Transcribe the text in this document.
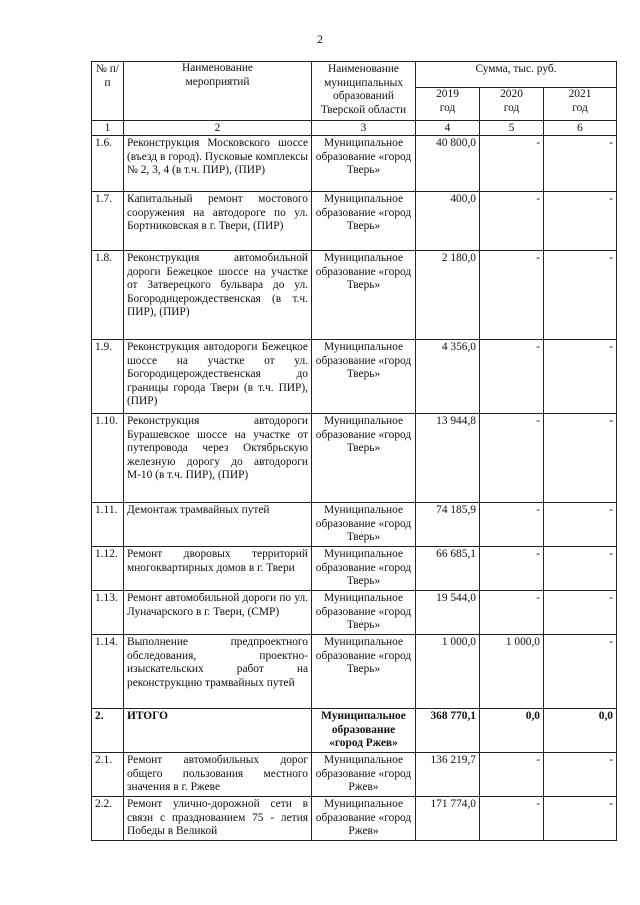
2
№ п/п	Наименование мероприятий	Наименование муниципальных образований Тверской области	Сумма, тыс. руб.		
			2019 год	2020 год	2021 год
1	2	3	4	5	6
1.6.	Реконструкция Московского шоссе (въезд в город). Пусковые комплексы № 2, 3, 4 (в т.ч. ПИР), (ПИР)	Муниципальное образование «город Тверь»	40 800,0	-	-
1.7.	Капитальный ремонт мостового сооружения на автодороге по ул. Бортниковская в г. Твери, (ПИР)	Муниципальное образование «город Тверь»	400,0	-	-
1.8.	Реконструкция автомобильной дороги Бежецкое шоссе на участке от Затверецкого бульвара до ул. Богородицерождественская (в т.ч. ПИР), (ПИР)	Муниципальное образование «город Тверь»	2 180,0	-	-
1.9.	Реконструкция автодороги Бежецкое шоссе на участке от ул. Богородицерождественская до границы города Твери (в т.ч. ПИР), (ПИР)	Муниципальное образование «город Тверь»	4 356,0	-	-
1.10.	Реконструкция автодороги Бурашевское шоссе на участке от путепровода через Октябрьскую железную дорогу до автодороги М-10 (в т.ч. ПИР), (ПИР)	Муниципальное образование «город Тверь»	13 944,8	-	-
1.11.	Демонтаж трамвайных путей	Муниципальное образование «город Тверь»	74 185,9	-	-
1.12.	Ремонт дворовых территорий многоквартирных домов в г. Твери	Муниципальное образование «город Тверь»	66 685,1	-	-
1.13.	Ремонт автомобильной дороги по ул. Луначарского в г. Твери, (СМР)	Муниципальное образование «город Тверь»	19 544,0	-	-
1.14.	Выполнение предпроектного обследования, проектно-изыскательских работ на реконструкцию трамвайных путей	Муниципальное образование «город Тверь»	1 000,0	1 000,0	-
2.	ИТОГО	Муниципальное образование «город Ржев»	368 770,1	0,0	0,0
2.1.	Ремонт автомобильных дорог общего пользования местного значения в г. Ржеве	Муниципальное образование «город Ржев»	136 219,7	-	-
2.2.	Ремонт улично-дорожной сети в связи с празднованием 75 - летия Победы в Великой	Муниципальное образование «город Ржев»	171 774,0	-	-
